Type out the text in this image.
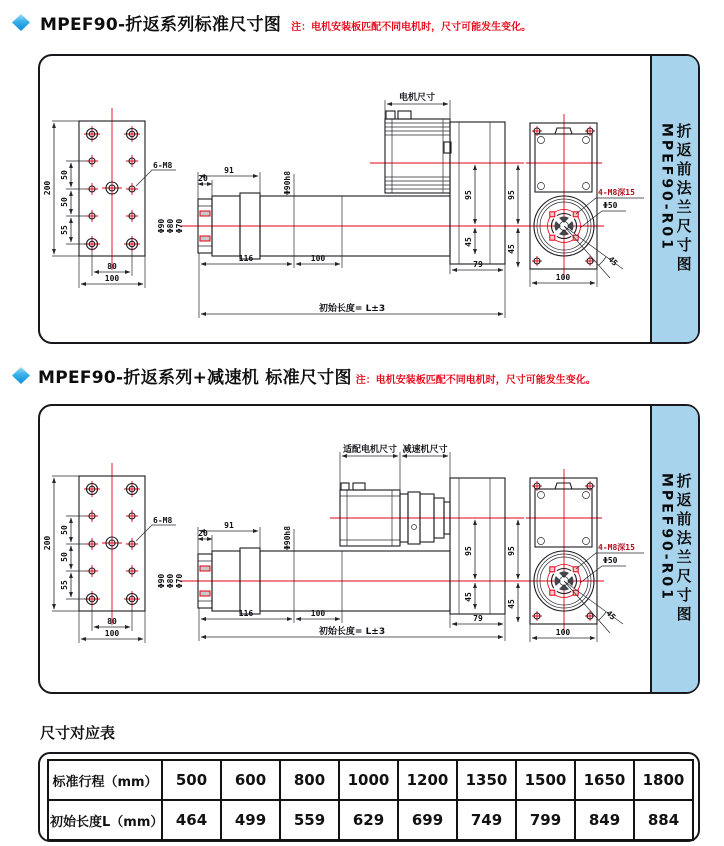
MPEF90-折返系列标准尺寸图 注：电机安装板匹配不同电机时，尺寸可能发生变化。
200
50
50
55
80
100
6-M8
Φ90 Φ80 Φ70
91
20
电机尺寸
Φ90h8
116	100
初始长度= L±3
95
45
79
95
45
100
4-M8深15
Φ50
45	折返前法兰尺寸图
MPEF90-R01
MPEF90-折返系列+减速机 标准尺寸图 注：电机安装板匹配不同电机时，尺寸可能发生变化。
200
50
50
55
80
100
6-M8
Φ90 Φ80 Φ70
91
20
适配电机尺寸 减速机尺寸
Φ90h8
116	100
初始长度= L±3
95
45
79
95
45
100
4-M8深15
Φ50
45	折返前法兰尺寸图
MPEF90-R01
尺寸对应表
标准行程（mm）	500	600	800	1000	1200	1350	1500	1650	1800
初始长度L（mm）	464	499	559	629	699	749	799	849	884
